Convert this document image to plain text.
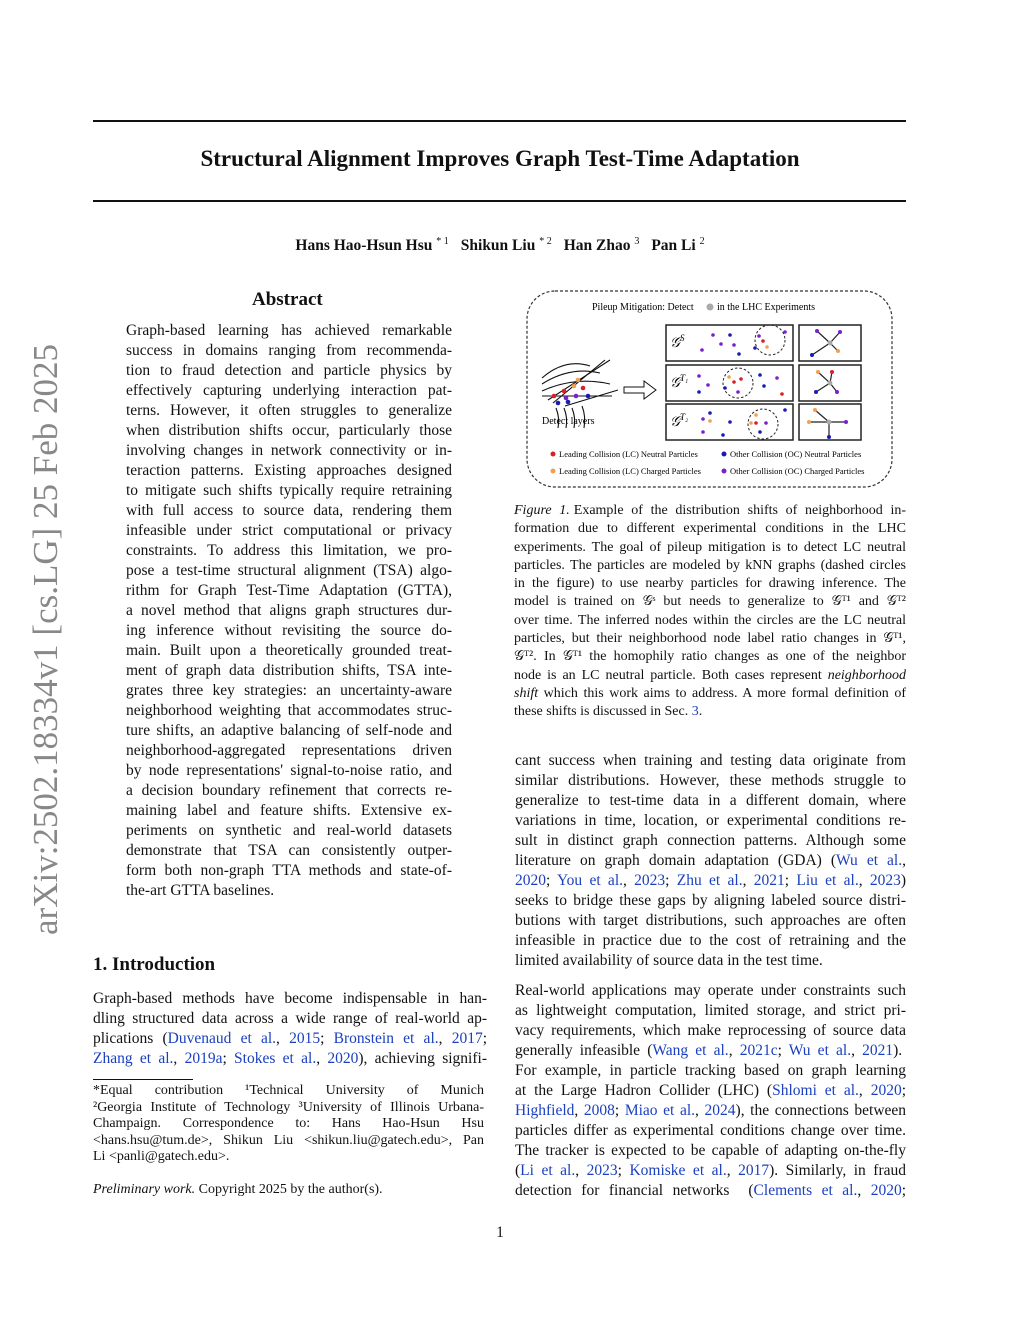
Structural Alignment Improves Graph Test-Time Adaptation
Hans Hao-Hsun Hsu $^{* 1}$ Shikun Liu $^{* 2}$ Han Zhao $^3$ Pan Li $^2$
arXiv:2502.18334v1 [cs.LG] 25 Feb 2025
Abstract
Graph-based learning has achieved remarkable
success in domains ranging from recommenda-
tion to fraud detection and particle physics by
effectively capturing underlying interaction pat-
terns. However, it often struggles to generalize
when distribution shifts occur, particularly those
involving changes in network connectivity or in-
teraction patterns. Existing approaches designed
to mitigate such shifts typically require retraining
with full access to source data, rendering them
infeasible under strict computational or privacy
constraints. To address this limitation, we pro-
pose a test-time structural alignment (TSA) algo-
rithm for Graph Test-Time Adaptation (GTTA),
a novel method that aligns graph structures dur-
ing inference without revisiting the source do-
main. Built upon a theoretically grounded treat-
ment of graph data distribution shifts, TSA inte-
grates three key strategies: an uncertainty-aware
neighborhood weighting that accommodates struc-
ture shifts, an adaptive balancing of self-node and
neighborhood-aggregated representations driven
by node representations' signal-to-noise ratio, and
a decision boundary refinement that corrects re-
maining label and feature shifts. Extensive ex-
periments on synthetic and real-world datasets
demonstrate that TSA can consistently outper-
form both non-graph TTA methods and state-of-
the-art GTTA baselines.
1. Introduction
Graph-based methods have become indispensable in han-
dling structured data across a wide range of real-world ap-
plications (Duvenaud et al., 2015; Bronstein et al., 2017;
Zhang et al., 2019a; Stokes et al., 2020), achieving signifi-
*Equal contribution ¹Technical University of Munich
²Georgia Institute of Technology ³University of Illinois Urbana-
Champaign. Correspondence to: Hans Hao-Hsun Hsu
<hans.hsu@tum.de>, Shikun Liu <shikun.liu@gatech.edu>, Pan
Li <panli@gatech.edu>.
Preliminary work. Copyright 2025 by the author(s).
Pileup Mitigation: Detect in the LHC Experiments
Detect layers
𝒢$^S$
𝒢$^{T_1}$
𝒢$^{T_2}$
Leading Collision (LC) Neutral Particles	Other Collision (OC) Neutral Particles
Leading Collision (LC) Charged Particles	Other Collision (OC) Charged Particles
Figure 1. Example of the distribution shifts of neighborhood in-
formation due to different experimental conditions in the LHC
experiments. The goal of pileup mitigation is to detect LC neutral
particles. The particles are modeled by kNN graphs (dashed circles
in the figure) to use nearby particles for drawing inference. The
model is trained on 𝒢ˢ but needs to generalize to 𝒢ᵀ¹ and 𝒢ᵀ²
over time. The inferred nodes within the circles are the LC neutral
particles, but their neighborhood node label ratio changes in 𝒢ᵀ¹,
𝒢ᵀ². In 𝒢ᵀ¹ the homophily ratio changes as one of the neighbor
node is an LC neutral particle. Both cases represent neighborhood
shift which this work aims to address. A more formal definition of
these shifts is discussed in Sec. 3.
cant success when training and testing data originate from
similar distributions. However, these methods struggle to
generalize to test-time data in a different domain, where
variations in time, location, or experimental conditions re-
sult in distinct graph connection patterns. Although some
literature on graph domain adaptation (GDA) (Wu et al.,
2020; You et al., 2023; Zhu et al., 2021; Liu et al., 2023)
seeks to bridge these gaps by aligning labeled source distri-
butions with target distributions, such approaches are often
infeasible in practice due to the cost of retraining and the
limited availability of source data in the test time.
Real-world applications may operate under constraints such
as lightweight computation, limited storage, and strict pri-
vacy requirements, which make reprocessing of source data
generally infeasible (Wang et al., 2021c; Wu et al., 2021).
For example, in particle tracking based on graph learning
at the Large Hadron Collider (LHC) (Shlomi et al., 2020;
Highfield, 2008; Miao et al., 2024), the connections between
particles differ as experimental conditions change over time.
The tracker is expected to be capable of adapting on-the-fly
(Li et al., 2023; Komiske et al., 2017). Similarly, in fraud
detection for financial networks  (Clements et al., 2020;
1
